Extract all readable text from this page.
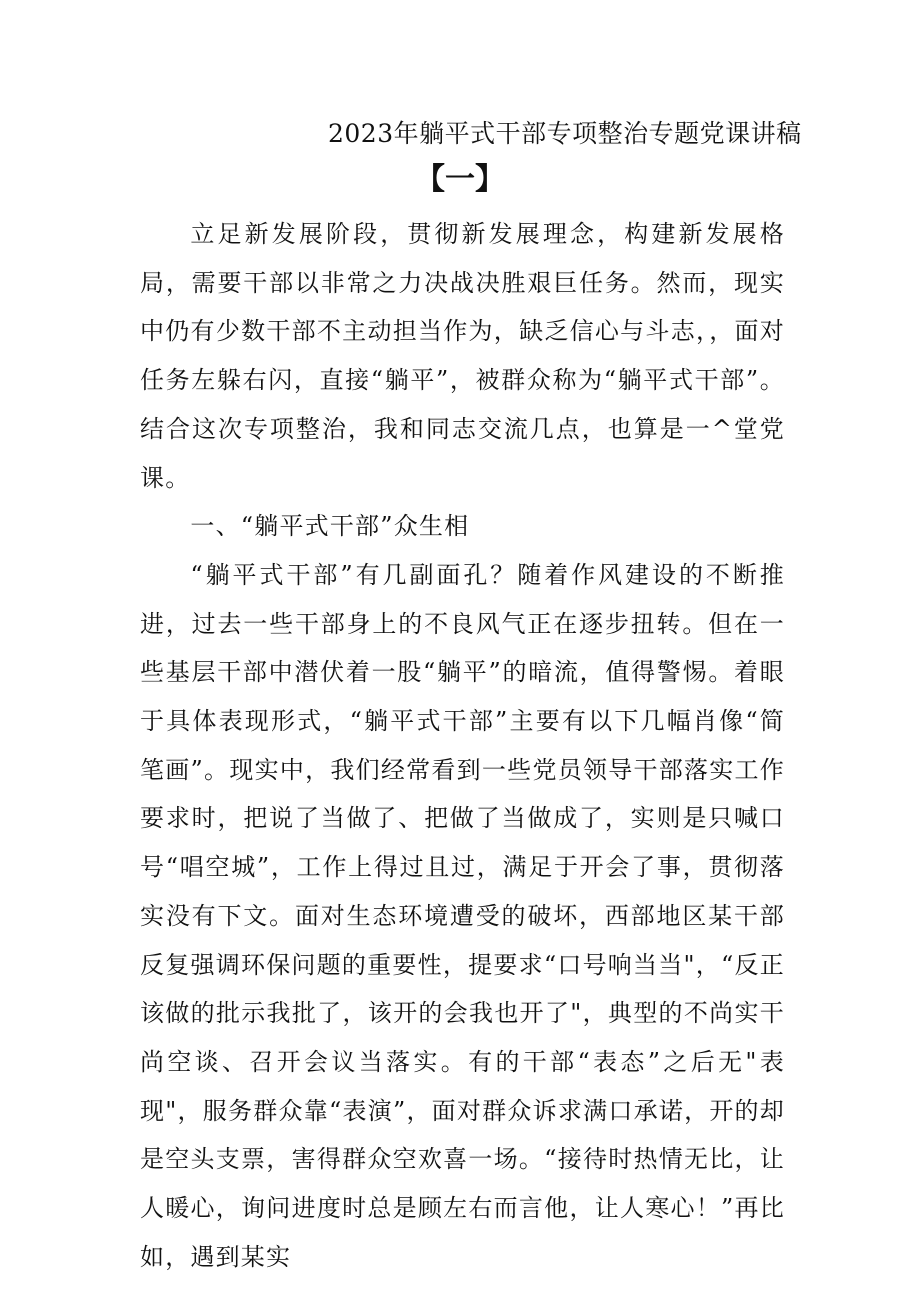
2023年躺平式干部专项整治专题党课讲稿
【一】

立足新发展阶段，贯彻新发展理念，构建新发展格局，需要干部以非常之力决战决胜艰巨任务。然而，现实中仍有少数干部不主动担当作为，缺乏信心与斗志，，面对任务左躲右闪，直接“躺平”，被群众称为“躺平式干部”。结合这次专项整治，我和同志交流几点，也算是一^堂党课。

一、“躺平式干部”众生相

“躺平式干部”有几副面孔？随着作风建设的不断推进，过去一些干部身上的不良风气正在逐步扭转。但在一些基层干部中潜伏着一股“躺平”的暗流，值得警惕。着眼于具体表现形式，“躺平式干部”主要有以下几幅肖像“简笔画”。现实中，我们经常看到一些党员领导干部落实工作要求时，把说了当做了、把做了当做成了，实则是只喊口号“唱空城”，工作上得过且过，满足于开会了事，贯彻落实没有下文。面对生态环境遭受的破坏，西部地区某干部反复强调环保问题的重要性，提要求“口号响当当"，“反正该做的批示我批了，该开的会我也开了"，典型的不尚实干尚空谈、召开会议当落实。有的干部“表态”之后无"表现"，服务群众靠“表演”，面对群众诉求满口承诺，开的却是空头支票，害得群众空欢喜一场。“接待时热情无比，让人暖心，询问进度时总是顾左右而言他，让人寒心！”再比如，遇到某实
